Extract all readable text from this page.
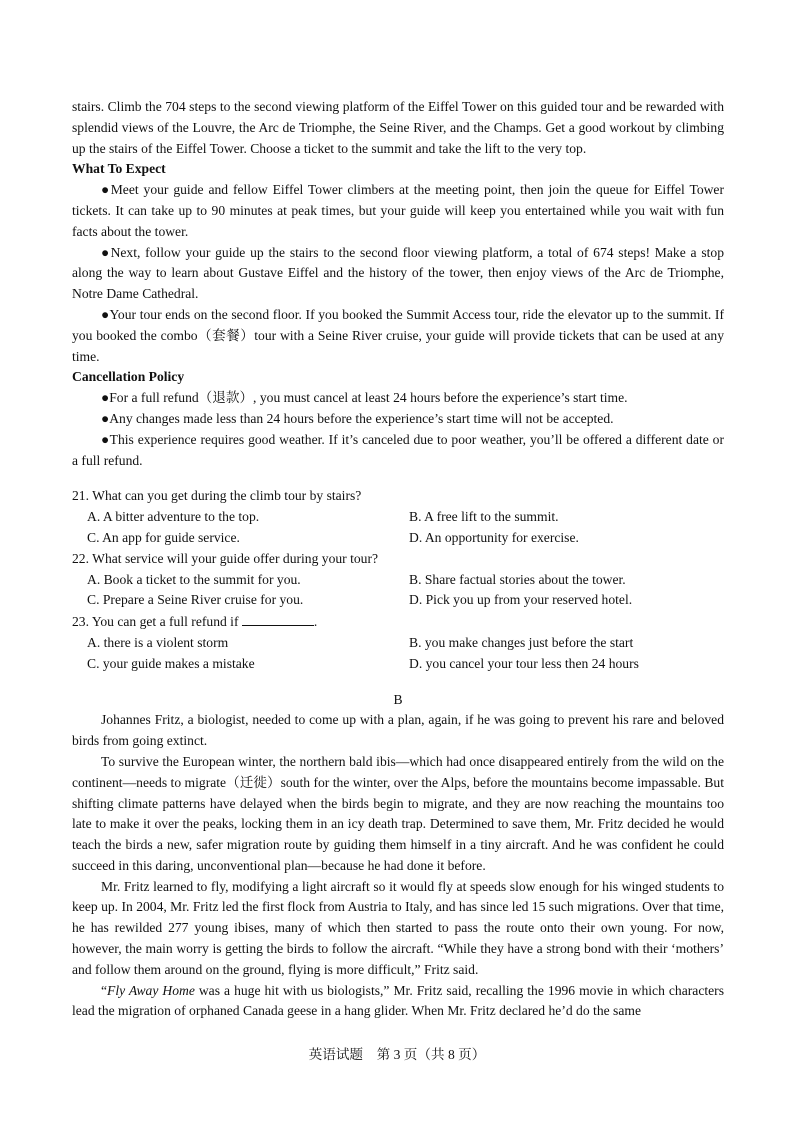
stairs. Climb the 704 steps to the second viewing platform of the Eiffel Tower on this guided tour and be rewarded with splendid views of the Louvre, the Arc de Triomphe, the Seine River, and the Champs. Get a good workout by climbing up the stairs of the Eiffel Tower. Choose a ticket to the summit and take the lift to the very top.

What To Expect

●Meet your guide and fellow Eiffel Tower climbers at the meeting point, then join the queue for Eiffel Tower tickets. It can take up to 90 minutes at peak times, but your guide will keep you entertained while you wait with fun facts about the tower.

●Next, follow your guide up the stairs to the second floor viewing platform, a total of 674 steps! Make a stop along the way to learn about Gustave Eiffel and the history of the tower, then enjoy views of the Arc de Triomphe, Notre Dame Cathedral.

●Your tour ends on the second floor. If you booked the Summit Access tour, ride the elevator up to the summit. If you booked the combo（套餐）tour with a Seine River cruise, your guide will provide tickets that can be used at any time.

Cancellation Policy

●For a full refund（退款）, you must cancel at least 24 hours before the experience’s start time.

●Any changes made less than 24 hours before the experience’s start time will not be accepted.

●This experience requires good weather. If it’s canceled due to poor weather, you’ll be offered a different date or a full refund.

21. What can you get during the climb tour by stairs?

A. A bitter adventure to the top.	B. A free lift to the summit.
C. An app for guide service.	D. An opportunity for exercise.

22. What service will your guide offer during your tour?

A. Book a ticket to the summit for you.	B. Share factual stories about the tower.
C. Prepare a Seine River cruise for you.	D. Pick you up from your reserved hotel.

23. You can get a full refund if	.

A. there is a violent storm	B. you make changes just before the start
C. your guide makes a mistake	D. you cancel your tour less then 24 hours

B

Johannes Fritz, a biologist, needed to come up with a plan, again, if he was going to prevent his rare and beloved birds from going extinct.

To survive the European winter, the northern bald ibis—which had once disappeared entirely from the wild on the continent—needs to migrate（迁徙）south for the winter, over the Alps, before the mountains become impassable. But shifting climate patterns have delayed when the birds begin to migrate, and they are now reaching the mountains too late to make it over the peaks, locking them in an icy death trap. Determined to save them, Mr. Fritz decided he would teach the birds a new, safer migration route by guiding them himself in a tiny aircraft. And he was confident he could succeed in this daring, unconventional plan—because he had done it before.

Mr. Fritz learned to fly, modifying a light aircraft so it would fly at speeds slow enough for his winged students to keep up. In 2004, Mr. Fritz led the first flock from Austria to Italy, and has since led 15 such migrations. Over that time, he has rewilded 277 young ibises, many of which then started to pass the route onto their own young. For now, however, the main worry is getting the birds to follow the aircraft. “While they have a strong bond with their ‘mothers’ and follow them around on the ground, flying is more difficult,” Fritz said.

“Fly Away Home was a huge hit with us biologists,” Mr. Fritz said, recalling the 1996 movie in which characters lead the migration of orphaned Canada geese in a hang glider. When Mr. Fritz declared he’d do the same

英语试题　第 3 页（共 8 页）
